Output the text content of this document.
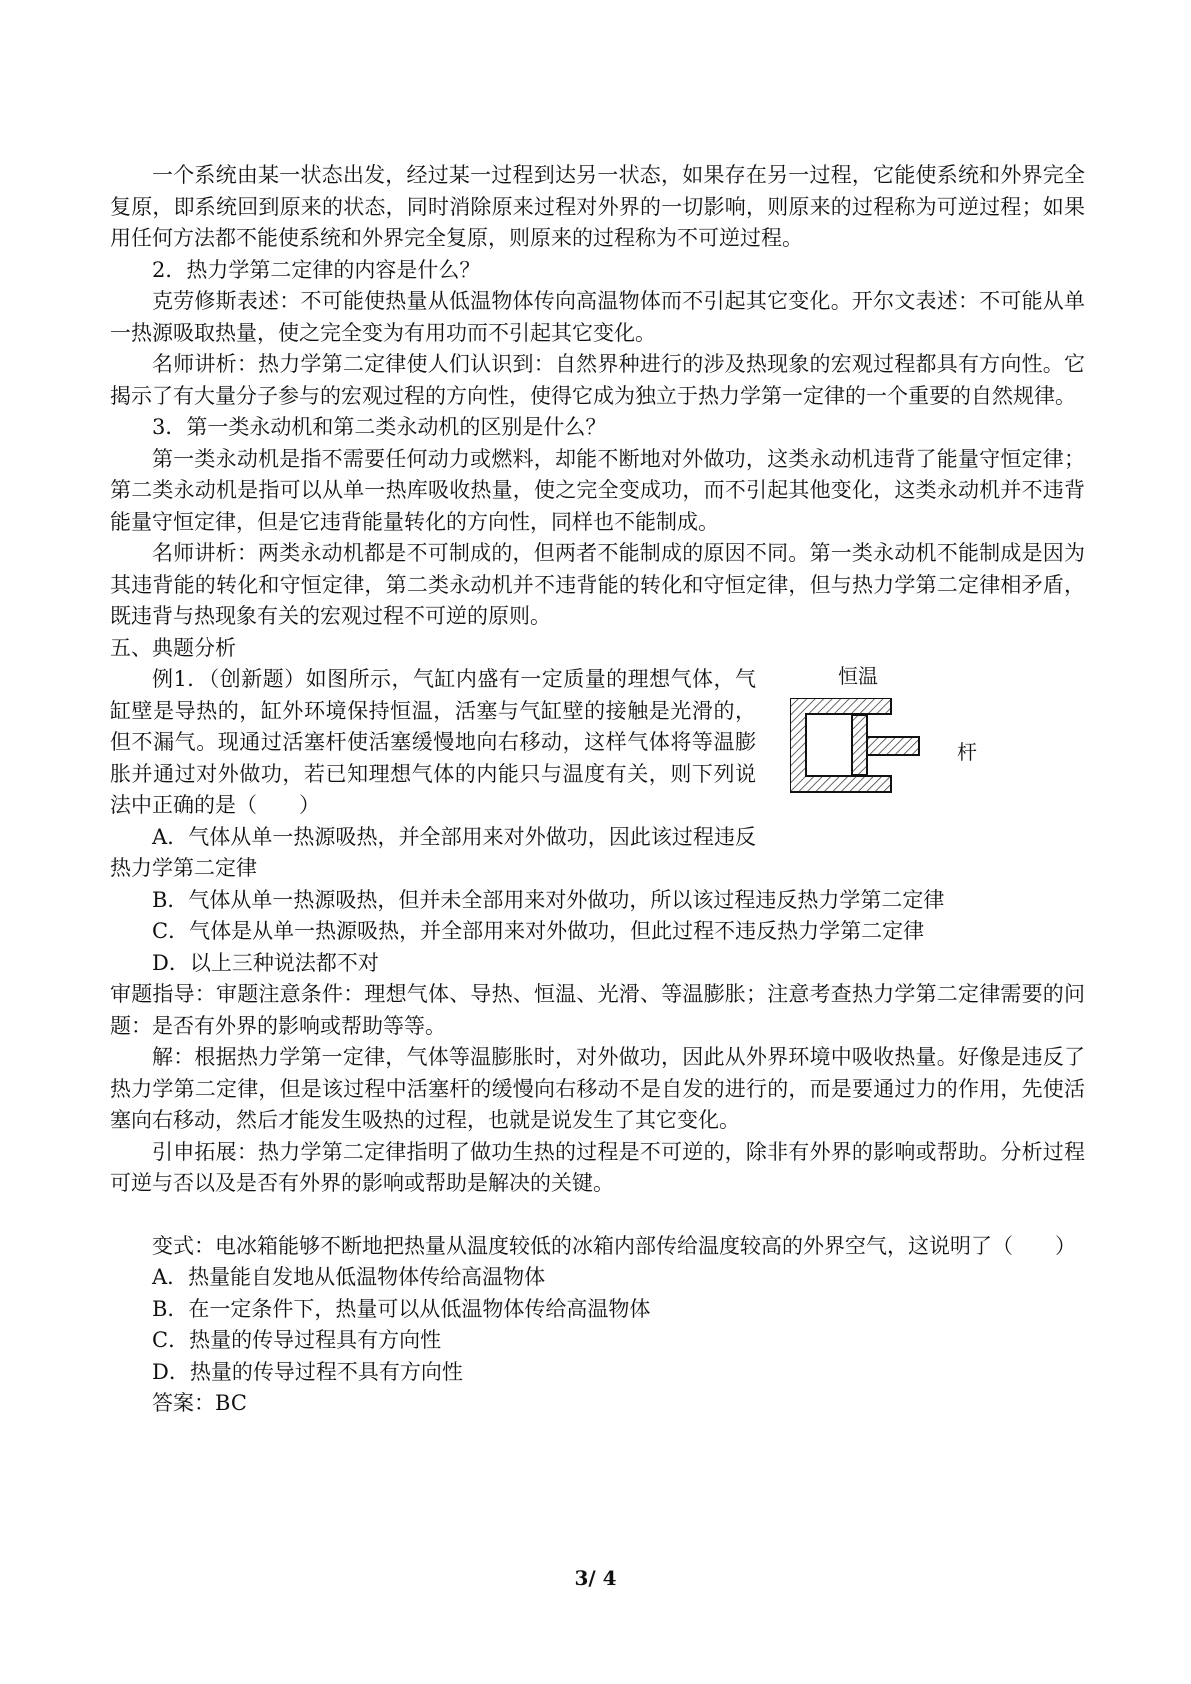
一个系统由某一状态出发，经过某一过程到达另一状态，如果存在另一过程，它能使系统和外界完全复原，即系统回到原来的状态，同时消除原来过程对外界的一切影响，则原来的过程称为可逆过程；如果用任何方法都不能使系统和外界完全复原，则原来的过程称为不可逆过程。

2．热力学第二定律的内容是什么？

克劳修斯表述：不可能使热量从低温物体传向高温物体而不引起其它变化。开尔文表述：不可能从单一热源吸取热量，使之完全变为有用功而不引起其它变化。

名师讲析：热力学第二定律使人们认识到：自然界种进行的涉及热现象的宏观过程都具有方向性。它揭示了有大量分子参与的宏观过程的方向性，使得它成为独立于热力学第一定律的一个重要的自然规律。

3．第一类永动机和第二类永动机的区别是什么？

第一类永动机是指不需要任何动力或燃料，却能不断地对外做功，这类永动机违背了能量守恒定律；第二类永动机是指可以从单一热库吸收热量，使之完全变成功，而不引起其他变化，这类永动机并不违背能量守恒定律，但是它违背能量转化的方向性，同样也不能制成。

名师讲析：两类永动机都是不可制成的，但两者不能制成的原因不同。第一类永动机不能制成是因为其违背能的转化和守恒定律，第二类永动机并不违背能的转化和守恒定律，但与热力学第二定律相矛盾，既违背与热现象有关的宏观过程不可逆的原则。

五、典题分析

例1．（创新题）如图所示，气缸内盛有一定质量的理想气体，气缸壁是导热的，缸外环境保持恒温，活塞与气缸壁的接触是光滑的，但不漏气。现通过活塞杆使活塞缓慢地向右移动，这样气体将等温膨胀并通过对外做功，若已知理想气体的内能只与温度有关，则下列说法中正确的是（　　）

A．气体从单一热源吸热，并全部用来对外做功，因此该过程违反热力学第二定律

恒温
杆

B．气体从单一热源吸热，但并未全部用来对外做功，所以该过程违反热力学第二定律

C．气体是从单一热源吸热，并全部用来对外做功，但此过程不违反热力学第二定律

D．以上三种说法都不对

审题指导：审题注意条件：理想气体、导热、恒温、光滑、等温膨胀；注意考查热力学第二定律需要的问题：是否有外界的影响或帮助等等。

解：根据热力学第一定律，气体等温膨胀时，对外做功，因此从外界环境中吸收热量。好像是违反了热力学第二定律，但是该过程中活塞杆的缓慢向右移动不是自发的进行的，而是要通过力的作用，先使活塞向右移动，然后才能发生吸热的过程，也就是说发生了其它变化。

引申拓展：热力学第二定律指明了做功生热的过程是不可逆的，除非有外界的影响或帮助。分析过程可逆与否以及是否有外界的影响或帮助是解决的关键。

变式：电冰箱能够不断地把热量从温度较低的冰箱内部传给温度较高的外界空气，这说明了（　　）

A．热量能自发地从低温物体传给高温物体

B．在一定条件下，热量可以从低温物体传给高温物体

C．热量的传导过程具有方向性

D．热量的传导过程不具有方向性

答案：BC

3/ 4
